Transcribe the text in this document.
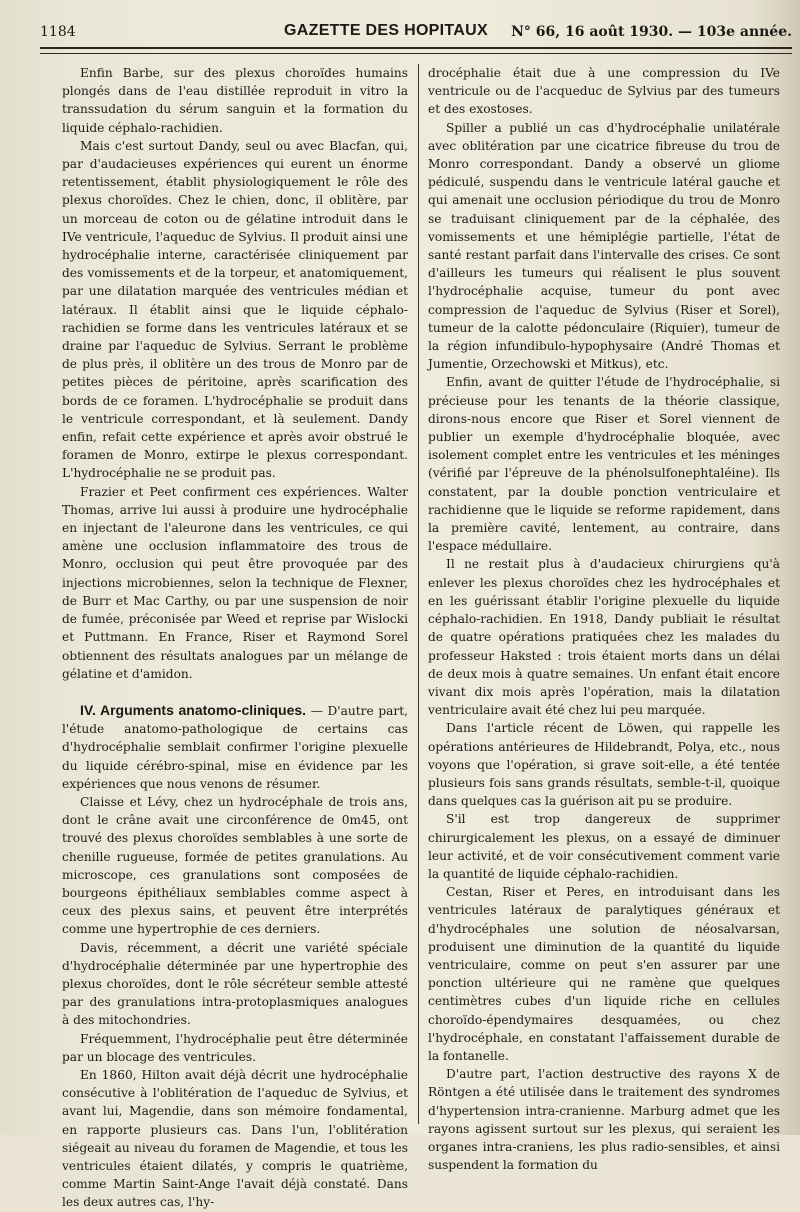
1184	GAZETTE DES HOPITAUX	N° 66, 16 août 1930. — 103e année.

Enfin Barbe, sur des plexus choroïdes humains plongés dans de l'eau distillée reproduit in vitro la transsudation du sérum sanguin et la formation du liquide céphalo-rachidien.

Mais c'est surtout Dandy, seul ou avec Blacfan, qui, par d'audacieuses expériences qui eurent un énorme retentissement, établit physiologiquement le rôle des plexus choroïdes. Chez le chien, donc, il oblitère, par un morceau de coton ou de gélatine introduit dans le IVe ventricule, l'aqueduc de Sylvius. Il produit ainsi une hydrocéphalie interne, caractérisée cliniquement par des vomissements et de la torpeur, et anatomiquement, par une dilatation marquée des ventricules médian et latéraux. Il établit ainsi que le liquide céphalo-rachidien se forme dans les ventricules latéraux et se draine par l'aqueduc de Sylvius. Serrant le problème de plus près, il oblitère un des trous de Monro par de petites pièces de péritoine, après scarification des bords de ce foramen. L'hydrocéphalie se produit dans le ventricule correspondant, et là seulement. Dandy enfin, refait cette expérience et après avoir obstrué le foramen de Monro, extirpe le plexus correspondant. L'hydrocéphalie ne se produit pas.

Frazier et Peet confirment ces expériences. Walter Thomas, arrive lui aussi à produire une hydrocéphalie en injectant de l'aleurone dans les ventricules, ce qui amène une occlusion inflammatoire des trous de Monro, occlusion qui peut être provoquée par des injections microbiennes, selon la technique de Flexner, de Burr et Mac Carthy, ou par une suspension de noir de fumée, préconisée par Weed et reprise par Wislocki et Puttmann. En France, Riser et Raymond Sorel obtiennent des résultats analogues par un mélange de gélatine et d'amidon.

IV. Arguments anatomo-cliniques. — D'autre part, l'étude anatomo-pathologique de certains cas d'hydrocéphalie semblait confirmer l'origine plexuelle du liquide cérébro-spinal, mise en évidence par les expériences que nous venons de résumer.

Claisse et Lévy, chez un hydrocéphale de trois ans, dont le crâne avait une circonférence de 0m45, ont trouvé des plexus choroïdes semblables à une sorte de chenille rugueuse, formée de petites granulations. Au microscope, ces granulations sont composées de bourgeons épithéliaux semblables comme aspect à ceux des plexus sains, et peuvent être interprétés comme une hypertrophie de ces derniers.

Davis, récemment, a décrit une variété spéciale d'hydrocéphalie déterminée par une hypertrophie des plexus choroïdes, dont le rôle sécréteur semble attesté par des granulations intra-protoplasmiques analogues à des mitochondries.

Fréquemment, l'hydrocéphalie peut être déterminée par un blocage des ventricules.

En 1860, Hilton avait déjà décrit une hydrocéphalie consécutive à l'oblitération de l'aqueduc de Sylvius, et avant lui, Magendie, dans son mémoire fondamental, en rapporte plusieurs cas. Dans l'un, l'oblitération siégeait au niveau du foramen de Magendie, et tous les ventricules étaient dilatés, y compris le quatrième, comme Martin Saint-Ange l'avait déjà constaté. Dans les deux autres cas, l'hy-

drocéphalie était due à une compression du IVe ventricule ou de l'acqueduc de Sylvius par des tumeurs et des exostoses.

Spiller a publié un cas d'hydrocéphalie unilatérale avec oblitération par une cicatrice fibreuse du trou de Monro correspondant. Dandy a observé un gliome pédiculé, suspendu dans le ventricule latéral gauche et qui amenait une occlusion périodique du trou de Monro se traduisant cliniquement par de la céphalée, des vomissements et une hémiplégie partielle, l'état de santé restant parfait dans l'intervalle des crises. Ce sont d'ailleurs les tumeurs qui réalisent le plus souvent l'hydrocéphalie acquise, tumeur du pont avec compression de l'aqueduc de Sylvius (Riser et Sorel), tumeur de la calotte pédonculaire (Riquier), tumeur de la région infundibulo-hypophysaire (André Thomas et Jumentie, Orzechowski et Mitkus), etc.

Enfin, avant de quitter l'étude de l'hydrocéphalie, si précieuse pour les tenants de la théorie classique, dirons-nous encore que Riser et Sorel viennent de publier un exemple d'hydrocéphalie bloquée, avec isolement complet entre les ventricules et les méninges (vérifié par l'épreuve de la phénolsulfonephtaléine). Ils constatent, par la double ponction ventriculaire et rachidienne que le liquide se reforme rapidement, dans la première cavité, lentement, au contraire, dans l'espace médullaire.

Il ne restait plus à d'audacieux chirurgiens qu'à enlever les plexus choroïdes chez les hydrocéphales et en les guérissant établir l'origine plexuelle du liquide céphalo-rachidien. En 1918, Dandy publiait le résultat de quatre opérations pratiquées chez les malades du professeur Haksted : trois étaient morts dans un délai de deux mois à quatre semaines. Un enfant était encore vivant dix mois après l'opération, mais la dilatation ventriculaire avait été chez lui peu marquée.

Dans l'article récent de Löwen, qui rappelle les opérations antérieures de Hildebrandt, Polya, etc., nous voyons que l'opération, si grave soit-elle, a été tentée plusieurs fois sans grands résultats, semble-t-il, quoique dans quelques cas la guérison ait pu se produire.

S'il est trop dangereux de supprimer chirurgicalement les plexus, on a essayé de diminuer leur activité, et de voir consécutivement comment varie la quantité de liquide céphalo-rachidien.

Cestan, Riser et Peres, en introduisant dans les ventricules latéraux de paralytiques généraux et d'hydrocéphales une solution de néosalvarsan, produisent une diminution de la quantité du liquide ventriculaire, comme on peut s'en assurer par une ponction ultérieure qui ne ramène que quelques centimètres cubes d'un liquide riche en cellules choroïdo-épendymaires desquamées, ou chez l'hydrocéphale, en constatant l'affaissement durable de la fontanelle.

D'autre part, l'action destructive des rayons X de Röntgen a été utilisée dans le traitement des syndromes d'hypertension intra-cranienne. Marburg admet que les rayons agissent surtout sur les plexus, qui seraient les organes intra-craniens, les plus radio-sensibles, et ainsi suspendent la formation du
